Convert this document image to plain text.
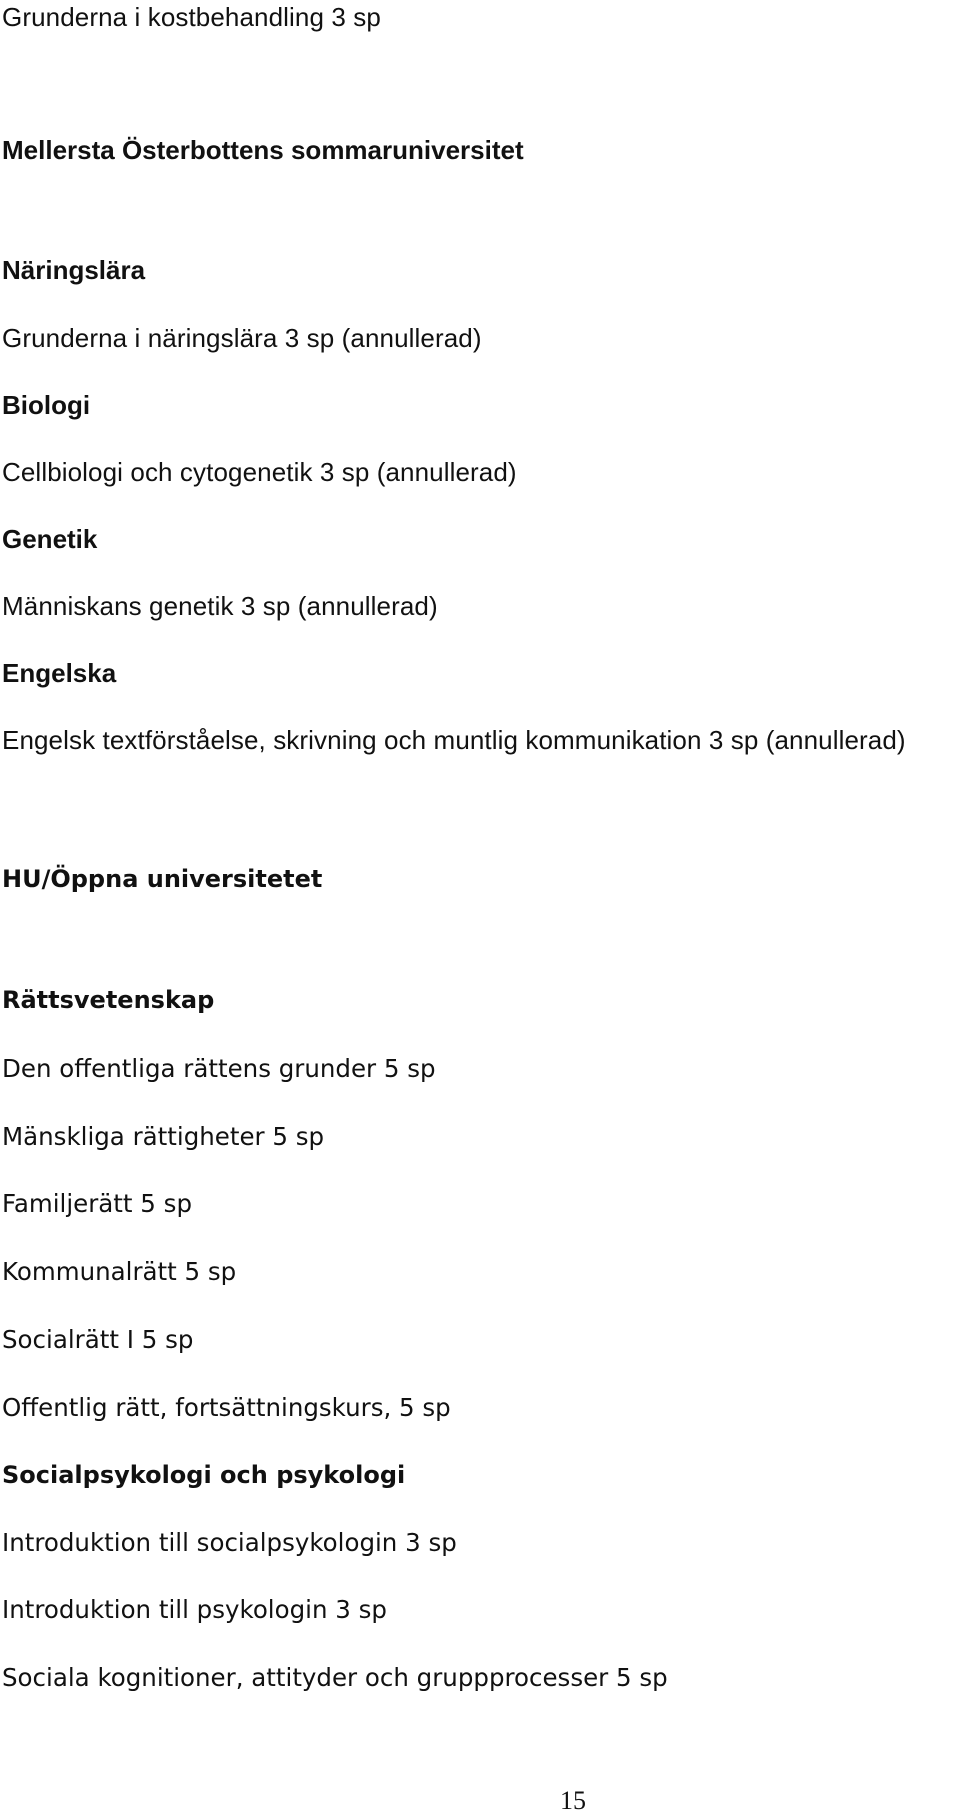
Grunderna i kostbehandling 3 sp
Mellersta Österbottens sommaruniversitet
Näringslära
Grunderna i näringslära 3 sp (annullerad)
Biologi
Cellbiologi och cytogenetik 3 sp (annullerad)
Genetik
Människans genetik 3 sp (annullerad)
Engelska
Engelsk textförståelse, skrivning och muntlig kommunikation 3 sp (annullerad)
HU/Öppna universitetet
Rättsvetenskap
Den offentliga rättens grunder 5 sp
Mänskliga rättigheter 5 sp
Familjerätt 5 sp
Kommunalrätt 5 sp
Socialrätt I 5 sp
Offentlig rätt, fortsättningskurs, 5 sp
Socialpsykologi och psykologi
Introduktion till socialpsykologin 3 sp
Introduktion till psykologin 3 sp
Sociala kognitioner, attityder och gruppprocesser 5 sp
15
